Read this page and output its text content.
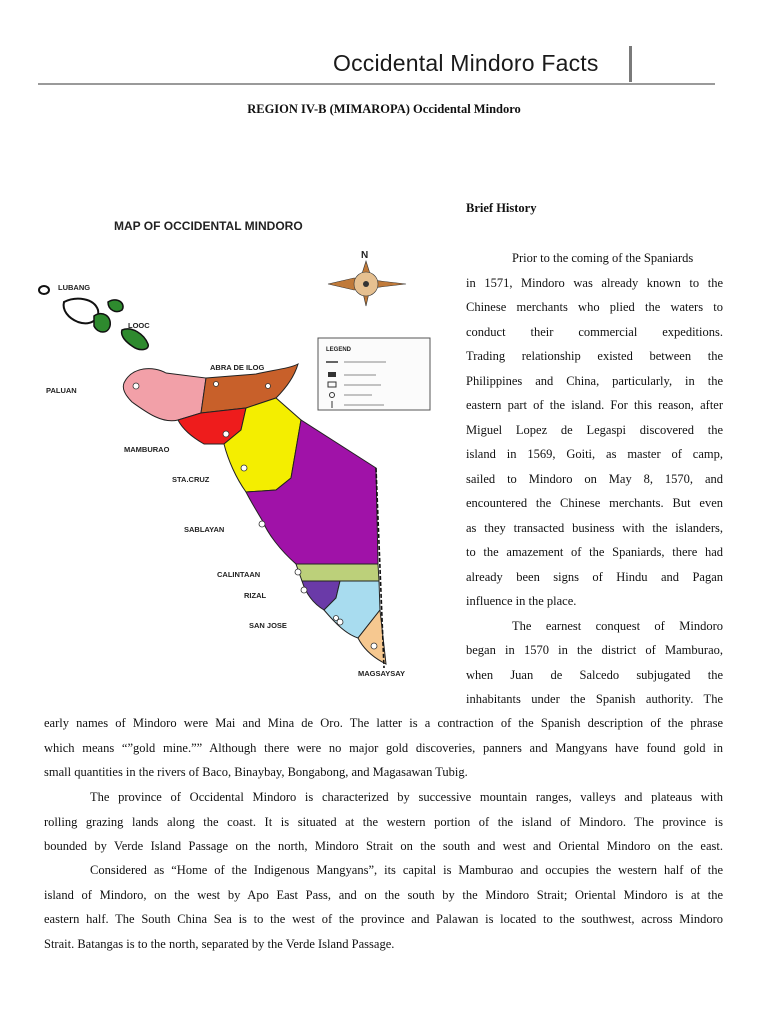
Occidental Mindoro Facts
REGION IV-B (MIMAROPA) Occidental Mindoro
MAP OF OCCIDENTAL MINDORO
N
LEGEND
LUBANG
LOOC
PALUAN
ABRA DE ILOG
MAMBURAO
STA.CRUZ
SABLAYAN
CALINTAAN
RIZAL
SAN JOSE
MAGSAYSAY
Brief History
Prior to the coming of the Spaniards
in 1571, Mindoro was already known to the
Chinese merchants who plied the waters to
conduct their commercial expeditions.
Trading relationship existed between the
Philippines and China, particularly, in the
eastern part of the island. For this reason, after
Miguel Lopez de Legaspi discovered the
island in 1569, Goiti, as master of camp,
sailed to Mindoro on May 8, 1570, and
encountered the Chinese merchants. But even
as they transacted business with the islanders,
to the amazement of the Spaniards, there had
already been signs of Hindu and Pagan
influence in the place.
The earnest conquest of Mindoro
began in 1570 in the district of Mamburao,
when Juan de Salcedo subjugated the
inhabitants under the Spanish authority. The
early names of Mindoro were Mai and Mina de Oro. The latter is a contraction of the Spanish description of the phrase
which means “”gold mine.”” Although there were no major gold discoveries, panners and Mangyans have found gold in
small quantities in the rivers of Baco, Binaybay, Bongabong, and Magasawan Tubig.
The province of Occidental Mindoro is characterized by successive mountain ranges, valleys and plateaus with
rolling grazing lands along the coast. It is situated at the western portion of the island of Mindoro. The province is
bounded by Verde Island Passage on the north, Mindoro Strait on the south and west and Oriental Mindoro on the east.
Considered as “Home of the Indigenous Mangyans”, its capital is Mamburao and occupies the western half of the
island of Mindoro, on the west by Apo East Pass, and on the south by the Mindoro Strait; Oriental Mindoro is at the
eastern half. The South China Sea is to the west of the province and Palawan is located to the southwest, across Mindoro
Strait. Batangas is to the north, separated by the Verde Island Passage.
